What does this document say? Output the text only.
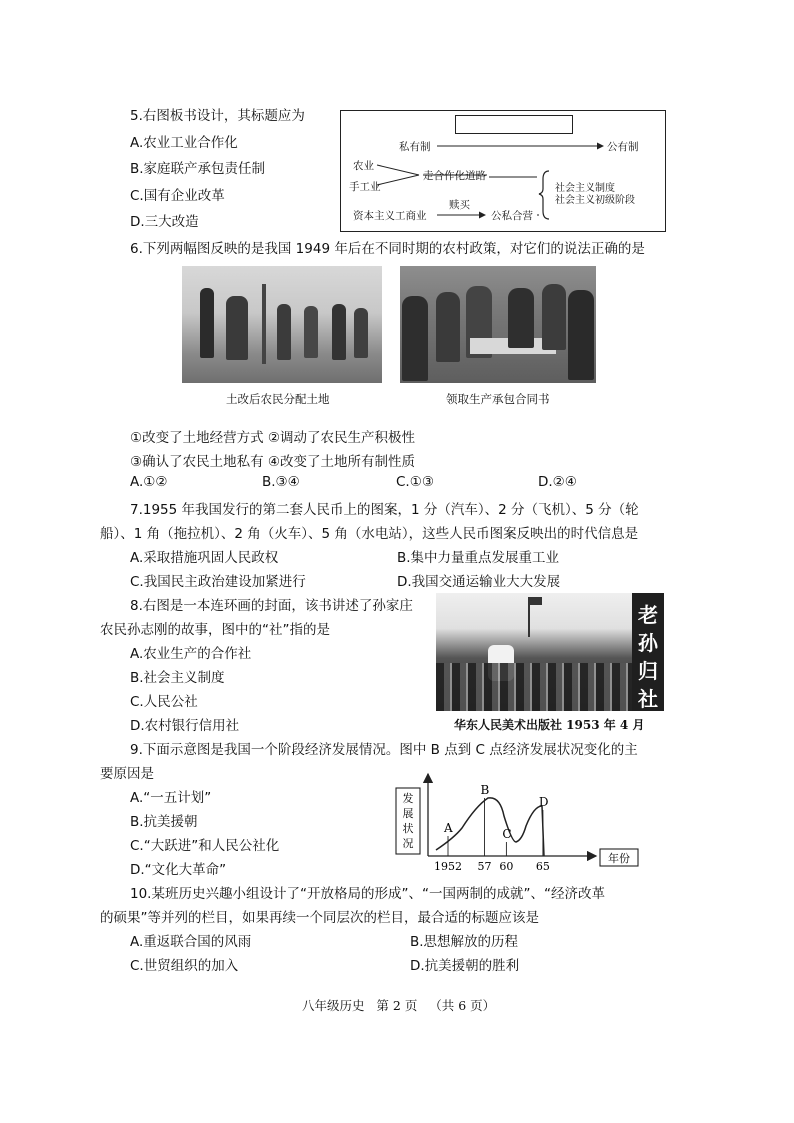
5.右图板书设计，其标题应为
A.农业工业合作化
B.家庭联产承包责任制
C.国有企业改革
D.三大改造
私有制	公有制
农业
手工业
走合作化道路
社会主义制度
社会主义初级阶段
赎买
资本主义工商业	公私合营
6.下列两幅图反映的是我国 1949 年后在不同时期的农村政策，对它们的说法正确的是
土改后农民分配土地	领取生产承包合同书
①改变了土地经营方式 ②调动了农民生产积极性
③确认了农民土地私有 ④改变了土地所有制性质
A.①②	B.③④	C.①③	D.②④
7.1955 年我国发行的第二套人民币上的图案，1 分（汽车）、2 分（飞机）、5 分（轮
船）、1 角（拖拉机）、2 角（火车）、5 角（水电站），这些人民币图案反映出的时代信息是
A.采取措施巩固人民政权	B.集中力量重点发展重工业
C.我国民主政治建设加紧进行	D.我国交通运输业大大发展
8.右图是一本连环画的封面，该书讲述了孙家庄
农民孙志刚的故事，图中的“社”指的是
A.农业生产的合作社
B.社会主义制度
C.人民公社
D.农村银行信用社
老
孙
归
社
华东人民美术出版社 1953 年 4 月
9.下面示意图是我国一个阶段经济发展情况。图中 B 点到 C 点经济发展状况变化的主
要原因是
A.“一五计划”
B.抗美援朝
C.“大跃进”和人民公社化
D.“文化大革命”
发
展
状
况
年份
A
1952
B
57
C
60
D
65
10.某班历史兴趣小组设计了“开放格局的形成”、“一国两制的成就”、“经济改革
的硕果”等并列的栏目，如果再续一个同层次的栏目，最合适的标题应该是
A.重返联合国的风雨	B.思想解放的历程
C.世贸组织的加入	D.抗美援朝的胜利
八年级历史   第 2 页   （共 6 页）
